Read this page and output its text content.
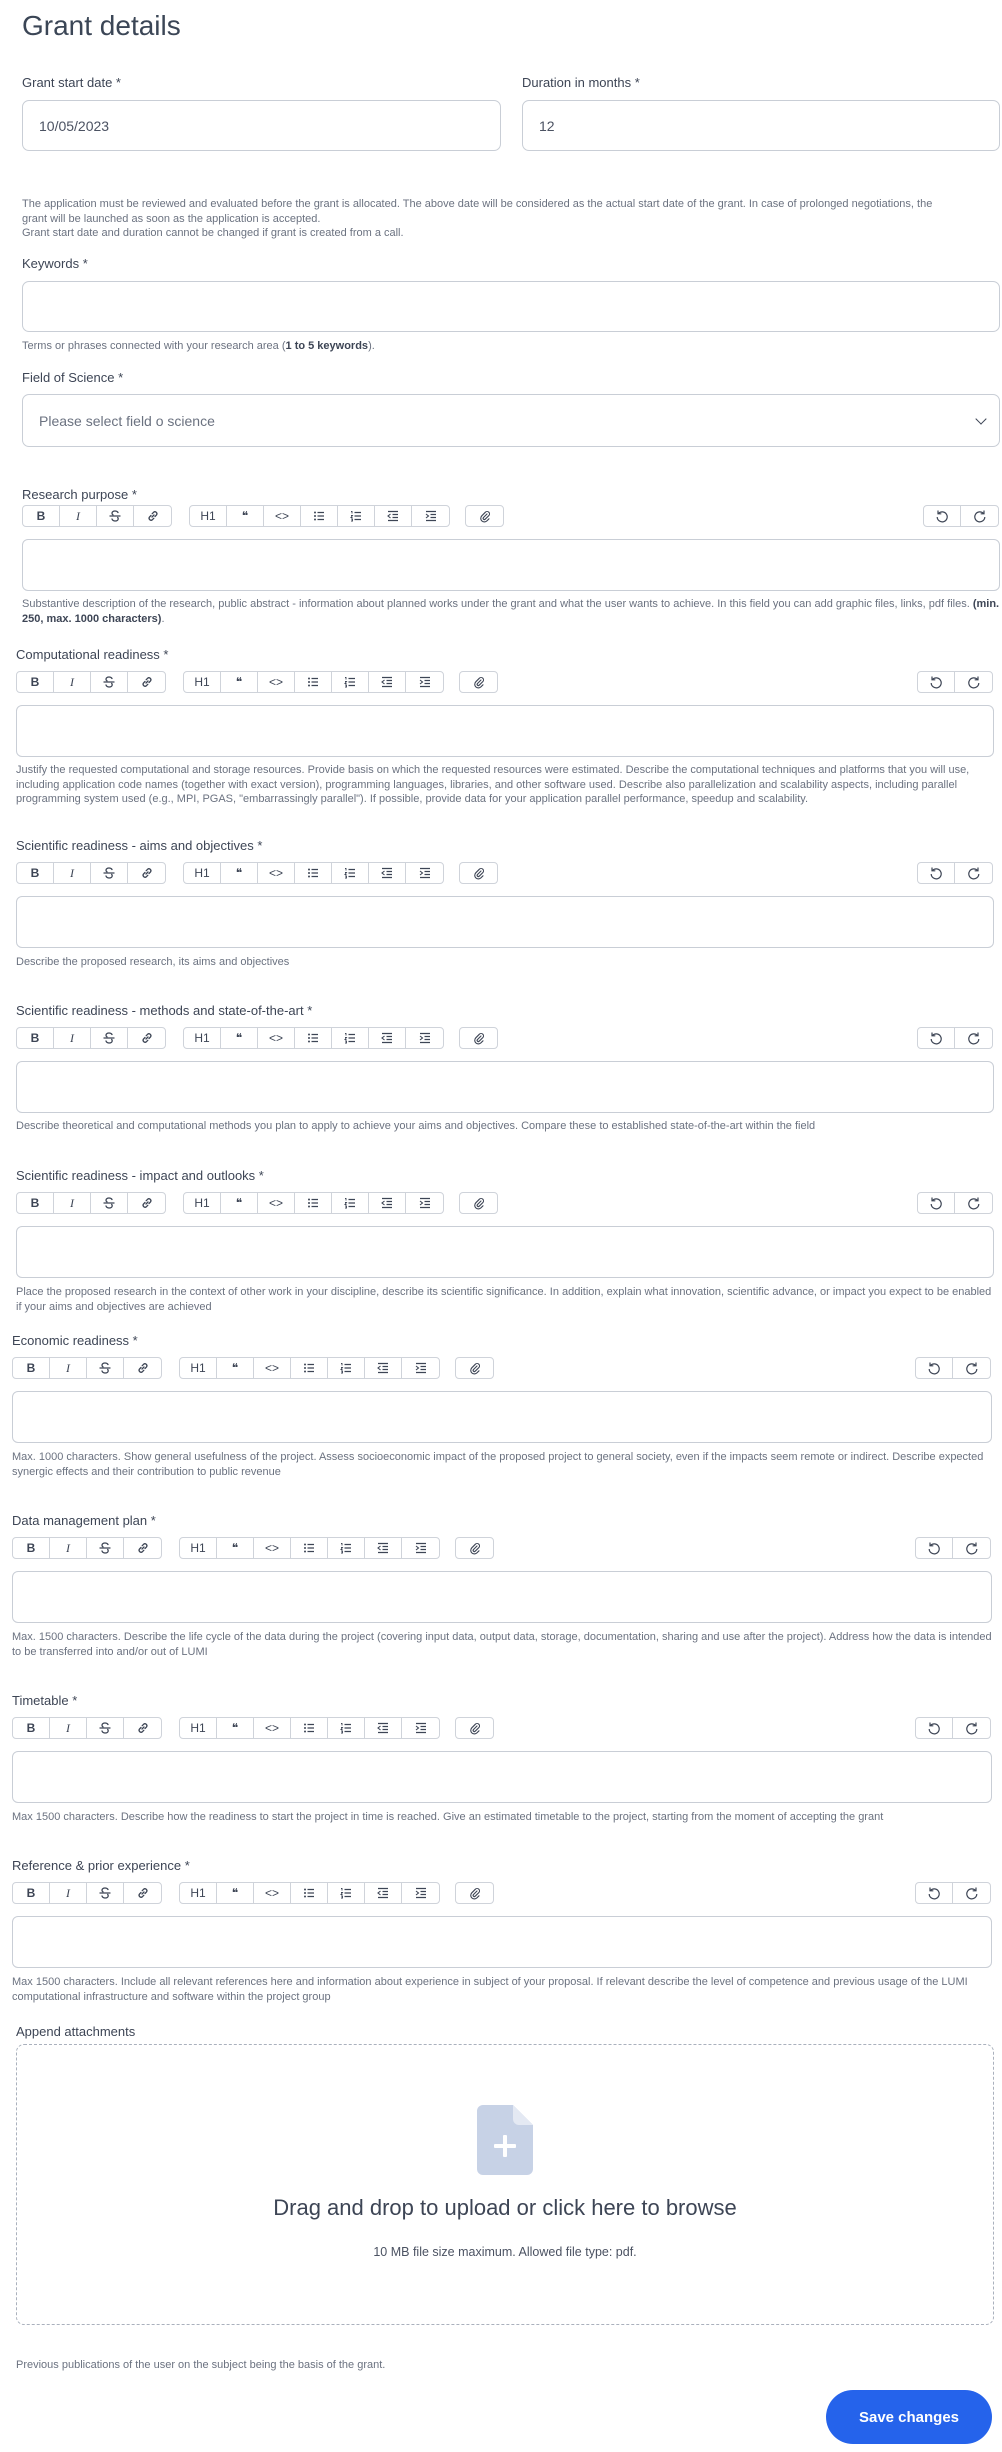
Grant details
Grant start date *
10/05/2023
Duration in months *
12
The application must be reviewed and evaluated before the grant is allocated. The above date will be considered as the actual start date of the grant. In case of prolonged negotiations, the grant will be launched as soon as the application is accepted.
Grant start date and duration cannot be changed if grant is created from a call.
Keywords *
Terms or phrases connected with your research area (1 to 5 keywords).
Field of Science *
Please select field o science
Research purpose *
B	I	H1	❝	<>
Substantive description of the research, public abstract - information about planned works under the grant and what the user wants to achieve. In this field you can add graphic files, links, pdf files. (min. 250, max. 1000 characters).
Computational readiness *
B	I	H1	❝	<>
Justify the requested computational and storage resources. Provide basis on which the requested resources were estimated. Describe the computational techniques and platforms that you will use, including application code names (together with exact version), programming languages, libraries, and other software used. Describe also parallelization and scalability aspects, including parallel programming system used (e.g., MPI, PGAS, "embarrassingly parallel"). If possible, provide data for your application parallel performance, speedup and scalability.
Scientific readiness - aims and objectives *
B	I	H1	❝	<>
Describe the proposed research, its aims and objectives
Scientific readiness - methods and state-of-the-art *
B	I	H1	❝	<>
Describe theoretical and computational methods you plan to apply to achieve your aims and objectives. Compare these to established state-of-the-art within the field
Scientific readiness - impact and outlooks *
B	I	H1	❝	<>
Place the proposed research in the context of other work in your discipline, describe its scientific significance. In addition, explain what innovation, scientific advance, or impact you expect to be enabled if your aims and objectives are achieved
Economic readiness *
B	I	H1	❝	<>
Max. 1000 characters. Show general usefulness of the project. Assess socioeconomic impact of the proposed project to general society, even if the impacts seem remote or indirect. Describe expected synergic effects and their contribution to public revenue
Data management plan *
B	I	H1	❝	<>
Max. 1500 characters. Describe the life cycle of the data during the project (covering input data, output data, storage, documentation, sharing and use after the project). Address how the data is intended to be transferred into and/or out of LUMI
Timetable *
B	I	H1	❝	<>
Max 1500 characters. Describe how the readiness to start the project in time is reached. Give an estimated timetable to the project, starting from the moment of accepting the grant
Reference & prior experience *
B	I	H1	❝	<>
Max 1500 characters. Include all relevant references here and information about experience in subject of your proposal. If relevant describe the level of competence and previous usage of the LUMI computational infrastructure and software within the project group
Append attachments
Drag and drop to upload or click here to browse
10 MB file size maximum. Allowed file type: pdf.
Previous publications of the user on the subject being the basis of the grant.
Save changes
